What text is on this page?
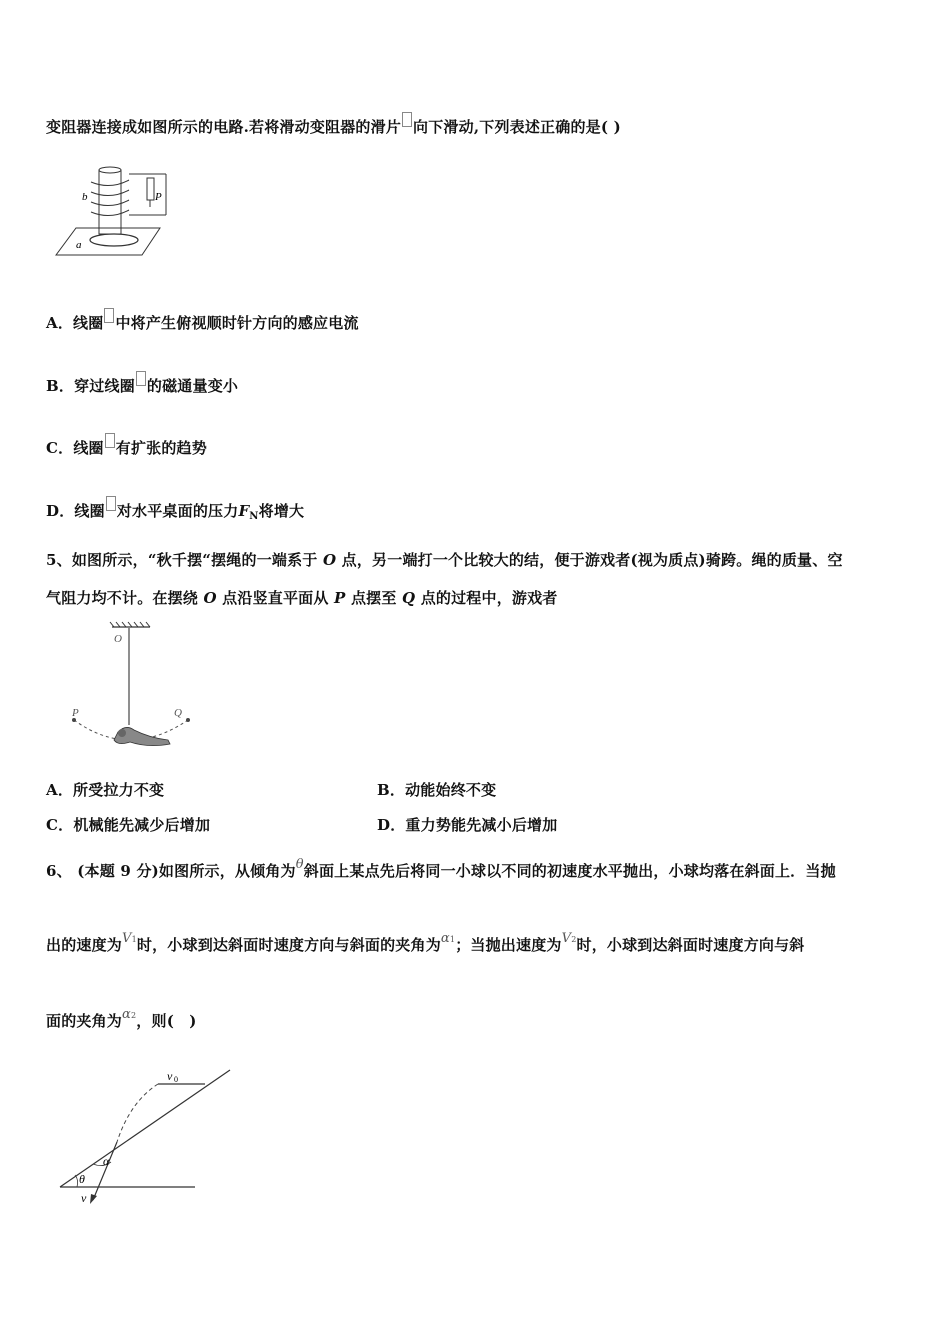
变阻器连接成如图所示的电路.若将滑动变阻器的滑片 向下滑动,下列表述正确的是( )
b	P
a
A．线圈 中将产生俯视顺时针方向的感应电流
B．穿过线圈 的磁通量变小
C．线圈 有扩张的趋势
D．线圈 对水平桌面的压力$F_N$将增大
5、如图所示，“秋千摆“摆绳的一端系于 O 点，另一端打一个比较大的结，便于游戏者(视为质点)骑跨。绳的质量、空
气阻力均不计。在摆绕 O 点沿竖直平面从 P 点摆至 Q 点的过程中，游戏者
O
P	Q
A．所受拉力不变	B．动能始终不变
C．机械能先减少后增加	D．重力势能先减小后增加
6、 (本题 9 分)如图所示，从倾角为θ斜面上某点先后将同一小球以不同的初速度水平抛出，小球均落在斜面上．当抛
出的速度为V1时，小球到达斜面时速度方向与斜面的夹角为α1；当抛出速度为V2时，小球到达斜面时速度方向与斜
面的夹角为α2，则(　)
v 0
α
θ
v
